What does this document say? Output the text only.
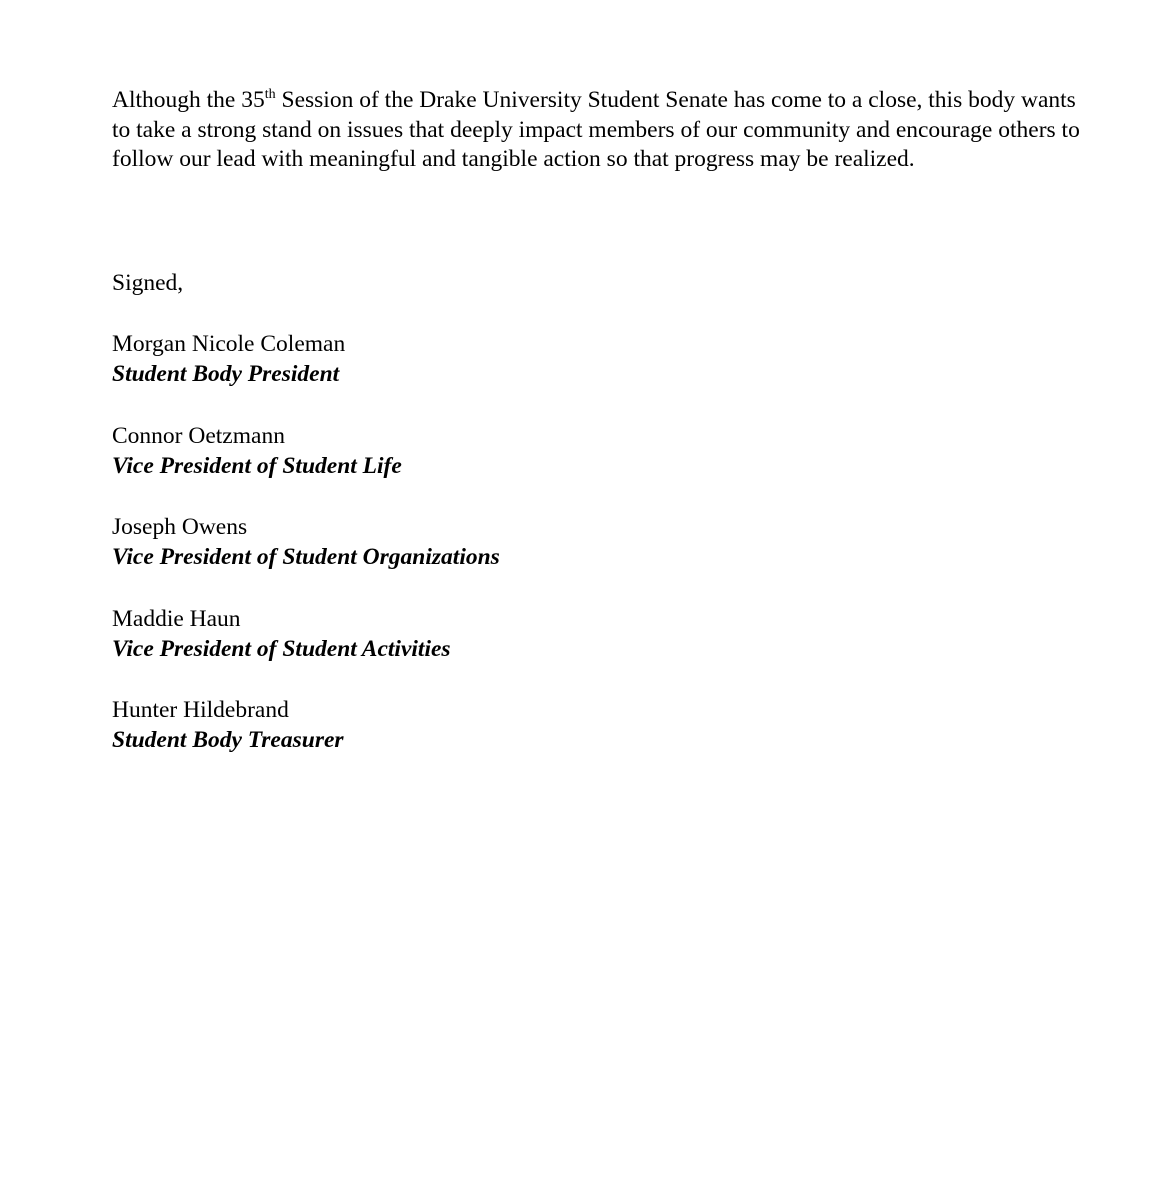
Although the 35th Session of the Drake University Student Senate has come to a close, this body wants to take a strong stand on issues that deeply impact members of our community and encourage others to follow our lead with meaningful and tangible action so that progress may be realized.

Signed,

Morgan Nicole Coleman
Student Body President
Connor Oetzmann
Vice President of Student Life
Joseph Owens
Vice President of Student Organizations
Maddie Haun
Vice President of Student Activities
Hunter Hildebrand
Student Body Treasurer
